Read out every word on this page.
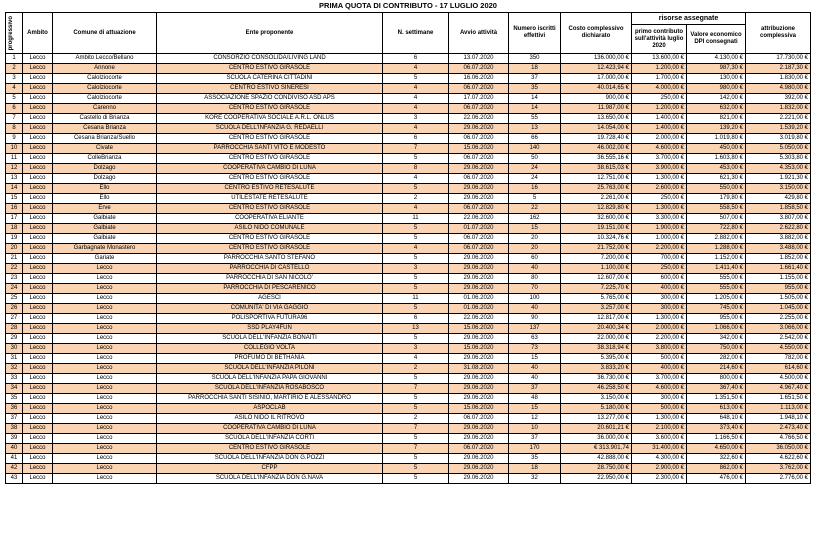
PRIMA QUOTA DI CONTRIBUTO - 17 LUGLIO 2020
progressivo	Ambito	Comune di attuazione	Ente proponente	N. settimane	Avvio attività	Numero iscritti effettivi	Costo complessivo dichiarato	risorse assegnate		attribuzione complessiva
								primo contributo sull'attività luglio 2020	Valore economico DPI consegnati	
1	Lecco	Ambito Lecco/Bellano	CONSORZIO CONSOLIDA/LIVING LAND	6	13.07.2020	350	136.000,00 €	13.600,00 €	4.130,00 €	17.730,00 €
2	Lecco	Annone	CENTRO ESTIVO GIRASOLE	4	06.07.2020	18	12.423,94 €	1.200,00 €	987,30 €	2.187,30 €
3	Lecco	Calolziocorte	SCUOLA CATERINA CITTADINI	5	16.06.2020	37	17.000,00 €	1.700,00 €	130,00 €	1.830,00 €
4	Lecco	Calolziocorte	CENTRO ESTIVO SINERESI	4	06.07.2020	35	40.014,65 €	4.000,00 €	980,00 €	4.980,00 €
5	Lecco	Calolziocorte	ASSOCIAZIONE SPAZIO CONDIVISO ASD APS	4	17.07.2020	14	900,00 €	250,00 €	142,00 €	392,00 €
6	Lecco	Carenno	CENTRO ESTIVO GIRASOLE	4	06.07.2020	14	11.987,00 €	1.200,00 €	632,00 €	1.832,00 €
7	Lecco	Castello di Brianza	KORE COOPERATIVA SOCIALE A.R.L. ONLUS	3	22.06.2020	55	13.650,00 €	1.400,00 €	821,00 €	2.221,00 €
8	Lecco	Cesana Brianza	SCUOLA DELL'INFANZIA G. REDAELLI	4	29.06.2020	13	14.054,00 €	1.400,00 €	139,20 €	1.539,20 €
9	Lecco	Cesana Brianza/Suello	CENTRO ESTIVO GIRASOLE	6	06.07.2020	66	19.728,40 €	2.000,00 €	1.019,80 €	3.019,80 €
10	Lecco	Civate	PARROCCHIA SANTI VITO E MODESTO	7	15.06.2020	140	46.002,00 €	4.600,00 €	450,00 €	5.050,00 €
11	Lecco	ColleBrianza	CENTRO ESTIVO GIRASOLE	5	06.07.2020	50	36.555,16 €	3.700,00 €	1.603,80 €	5.303,80 €
12	Lecco	Dolzago	COOPERATIVA CAMBIO DI LUNA	8	29.06.2020	24	38.615,03 €	3.900,00 €	453,00 €	4.353,00 €
13	Lecco	Dolzago	CENTRO ESTIVO GIRASOLE	4	06.07.2020	24	12.751,00 €	1.300,00 €	621,30 €	1.921,30 €
14	Lecco	Ello	CENTRO ESTIVO RETESALUTE	5	29.06.2020	16	25.763,00 €	2.600,00 €	550,00 €	3.150,00 €
15	Lecco	Ello	UTILESTATE RETESALUTE	2	29.06.2020	5	2.261,00 €	250,00 €	179,80 €	429,80 €
16	Lecco	Erve	CENTRO ESTIVO GIRASOLE	4	06.07.2020	22	12.829,80 €	1.300,00 €	558,50 €	1.858,50 €
17	Lecco	Galbiate	COOPERATIVA ELIANTE	11	22.06.2020	162	32.600,00 €	3.300,00 €	507,00 €	3.807,00 €
18	Lecco	Galbiate	ASILO NIDO COMUNALE	5	01.07.2020	15	19.151,00 €	1.900,00 €	722,80 €	2.622,80 €
19	Lecco	Galbiate	CENTRO ESTIVO GIRASOLE	5	06.07.2020	20	10.324,76 €	1.000,00 €	2.882,00 €	3.882,00 €
20	Lecco	Garbagnate Monastero	CENTRO ESTIVO GIRASOLE	4	06.07.2020	20	21.752,00 €	2.200,00 €	1.288,00 €	3.488,00 €
21	Lecco	Gariate	PARROCCHIA SANTO STEFANO	5	29.06.2020	60	7.200,00 €	700,00 €	1.152,00 €	1.852,00 €
22	Lecco	Lecco	PARROCCHIA DI CASTELLO	3	29.06.2020	40	1.100,00 €	250,00 €	1.411,40 €	1.661,40 €
23	Lecco	Lecco	PARROCCHIA DI SAN NICOLO'	5	29.06.2020	80	12.607,00 €	600,00 €	555,00 €	1.155,00 €
24	Lecco	Lecco	PARROCCHIA DI PESCARENICO	5	29.06.2020	70	7.225,70 €	400,00 €	555,00 €	955,00 €
25	Lecco	Lecco	AGESCI	11	01.06.2020	100	5.765,00 €	300,00 €	1.205,00 €	1.505,00 €
26	Lecco	Lecco	COMUNITA' DI VIA GAGGIO	5	01.06.2020	40	3.257,00 €	300,00 €	745,00 €	1.045,00 €
27	Lecco	Lecco	POLISPORTIVA FUTURA96	6	22.06.2020	90	12.817,00 €	1.300,00 €	955,00 €	2.255,00 €
28	Lecco	Lecco	SSD PLAY4FUN	13	15.06.2020	137	20.400,34 €	2.000,00 €	1.066,00 €	3.066,00 €
29	Lecco	Lecco	SCUOLA DELL'INFANZIA BONAITI	5	29.06.2020	63	22.000,00 €	2.200,00 €	342,00 €	2.542,00 €
30	Lecco	Lecco	COLLEGIO VOLTA	3	15.06.2020	73	38.318,94 €	3.800,00 €	750,00 €	4.550,00 €
31	Lecco	Lecco	PROFUMO DI BETHANIA	4	29.06.2020	15	5.395,00 €	500,00 €	282,00 €	782,00 €
32	Lecco	Lecco	SCUOLA DELL'INFANZIA PILONI	2	31.08.2020	40	3.833,20 €	400,00 €	214,60 €	614,60 €
33	Lecco	Lecco	SCUOLA DELL'INFANZIA PAPA GIOVANNI	5	29.06.2020	40	36.730,00 €	3.700,00 €	800,00 €	4.500,00 €
34	Lecco	Lecco	SCUOLA DELL'INFANZIA ROSABOSCO	7	29.06.2020	37	46.258,50 €	4.600,00 €	367,40 €	4.967,40 €
35	Lecco	Lecco	PARROCCHIA SANTI SISINIO, MARTIRIO E ALESSANDRO	5	29.06.2020	48	3.150,00 €	300,00 €	1.351,50 €	1.651,50 €
36	Lecco	Lecco	ASPOCLAB	5	15.06.2020	15	5.180,00 €	500,00 €	613,00 €	1.113,00 €
37	Lecco	Lecco	ASILO NIDO IL RITROVO	2	06.07.2020	12	13.277,00 €	1.300,00 €	648,10 €	1.948,10 €
38	Lecco	Lecco	COOPERATIVA CAMBIO DI LUNA	7	29.06.2020	10	20.601,21 €	2.100,00 €	373,40 €	2.473,40 €
39	Lecco	Lecco	SCUOLA DELL'INFANZIA CORTI	5	29.06.2020	37	36.000,00 €	3.600,00 €	1.166,50 €	4.766,50 €
40	Lecco	Lecco	CENTRO ESTIVO GIRASOLE	7	06.07.2020	170	€ 313.901,74	31.400,00 €	4.650,00 €	36.050,00 €
41	Lecco	Lecco	SCUOLA DELL'INFANZIA DON G.POZZI	5	29.06.2020	35	42.888,00 €	4.300,00 €	322,60 €	4.622,60 €
42	Lecco	Lecco	CFPP	5	29.06.2020	18	28.750,00 €	2.900,00 €	862,00 €	3.762,00 €
43	Lecco	Lecco	SCUOLA DELL'INFANZIA DON G.NAVA	5	29.06.2020	32	22.950,00 €	2.300,00 €	476,00 €	2.776,00 €
